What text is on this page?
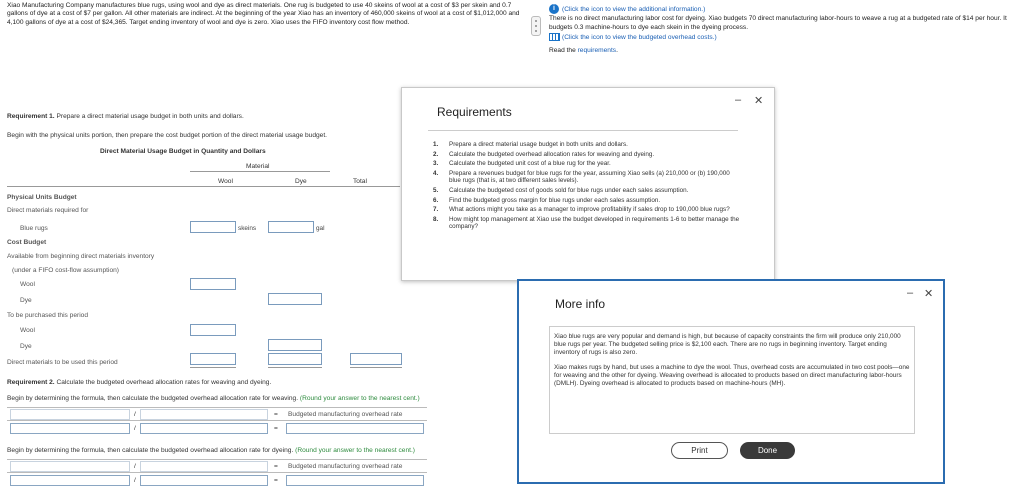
Xiao Manufacturing Company manufactures blue rugs, using wool and dye as direct materials. One rug is budgeted to use 40 skeins of wool at a cost of $3 per skein and 0.7 gallons of dye at a cost of $7 per gallon. All other materials are indirect. At the beginning of the year Xiao has an inventory of 460,000 skeins of wool at a cost of $1,012,000 and 4,100 gallons of dye at a cost of $24,365. Target ending inventory of wool and dye is zero. Xiao uses the FIFO inventory cost flow method.
i (Click the icon to view the additional information.)
There is no direct manufacturing labor cost for dyeing. Xiao budgets 70 direct manufacturing labor-hours to weave a rug at a budgeted rate of $14 per hour. It budgets 0.3 machine-hours to dye each skein in the dyeing process.
(Click the icon to view the budgeted overhead costs.)
Read the requirements.
Requirement 1. Prepare a direct material usage budget in both units and dollars.
Begin with the physical units portion, then prepare the cost budget portion of the direct material usage budget.
Direct Material Usage Budget in Quantity and Dollars
Material
Wool	Dye	Total
Physical Units Budget
Direct materials required for
Blue rugs	skeins	gal
Cost Budget
Available from beginning direct materials inventory
(under a FIFO cost-flow assumption)
Wool
Dye
To be purchased this period
Wool
Dye
Direct materials to be used this period
Requirement 2. Calculate the budgeted overhead allocation rates for weaving and dyeing.
Begin by determining the formula, then calculate the budgeted overhead allocation rate for weaving. (Round your answer to the nearest cent.)
/	= Budgeted manufacturing overhead rate
/	=
Begin by determining the formula, then calculate the budgeted overhead allocation rate for dyeing. (Round your answer to the nearest cent.)
/	= Budgeted manufacturing overhead rate
/	=
Requirements
– ✕
1.	Prepare a direct material usage budget in both units and dollars.
2.	Calculate the budgeted overhead allocation rates for weaving and dyeing.
3.	Calculate the budgeted unit cost of a blue rug for the year.
4.	Prepare a revenues budget for blue rugs for the year, assuming Xiao sells (a) 210,000 or (b) 190,000 blue rugs (that is, at two different sales levels).
5.	Calculate the budgeted cost of goods sold for blue rugs under each sales assumption.
6.	Find the budgeted gross margin for blue rugs under each sales assumption.
7.	What actions might you take as a manager to improve profitability if sales drop to 190,000 blue rugs?
8.	How might top management at Xiao use the budget developed in requirements 1-6 to better manage the company?
More info
– ✕
Xiao blue rugs are very popular and demand is high, but because of capacity constraints the firm will produce only 210,000 blue rugs per year. The budgeted selling price is $2,100 each. There are no rugs in beginning inventory. Target ending inventory of rugs is also zero.
Xiao makes rugs by hand, but uses a machine to dye the wool. Thus, overhead costs are accumulated in two cost pools—one for weaving and the other for dyeing. Weaving overhead is allocated to products based on direct manufacturing labor-hours (DMLH). Dyeing overhead is allocated to products based on machine-hours (MH).
Print	Done
